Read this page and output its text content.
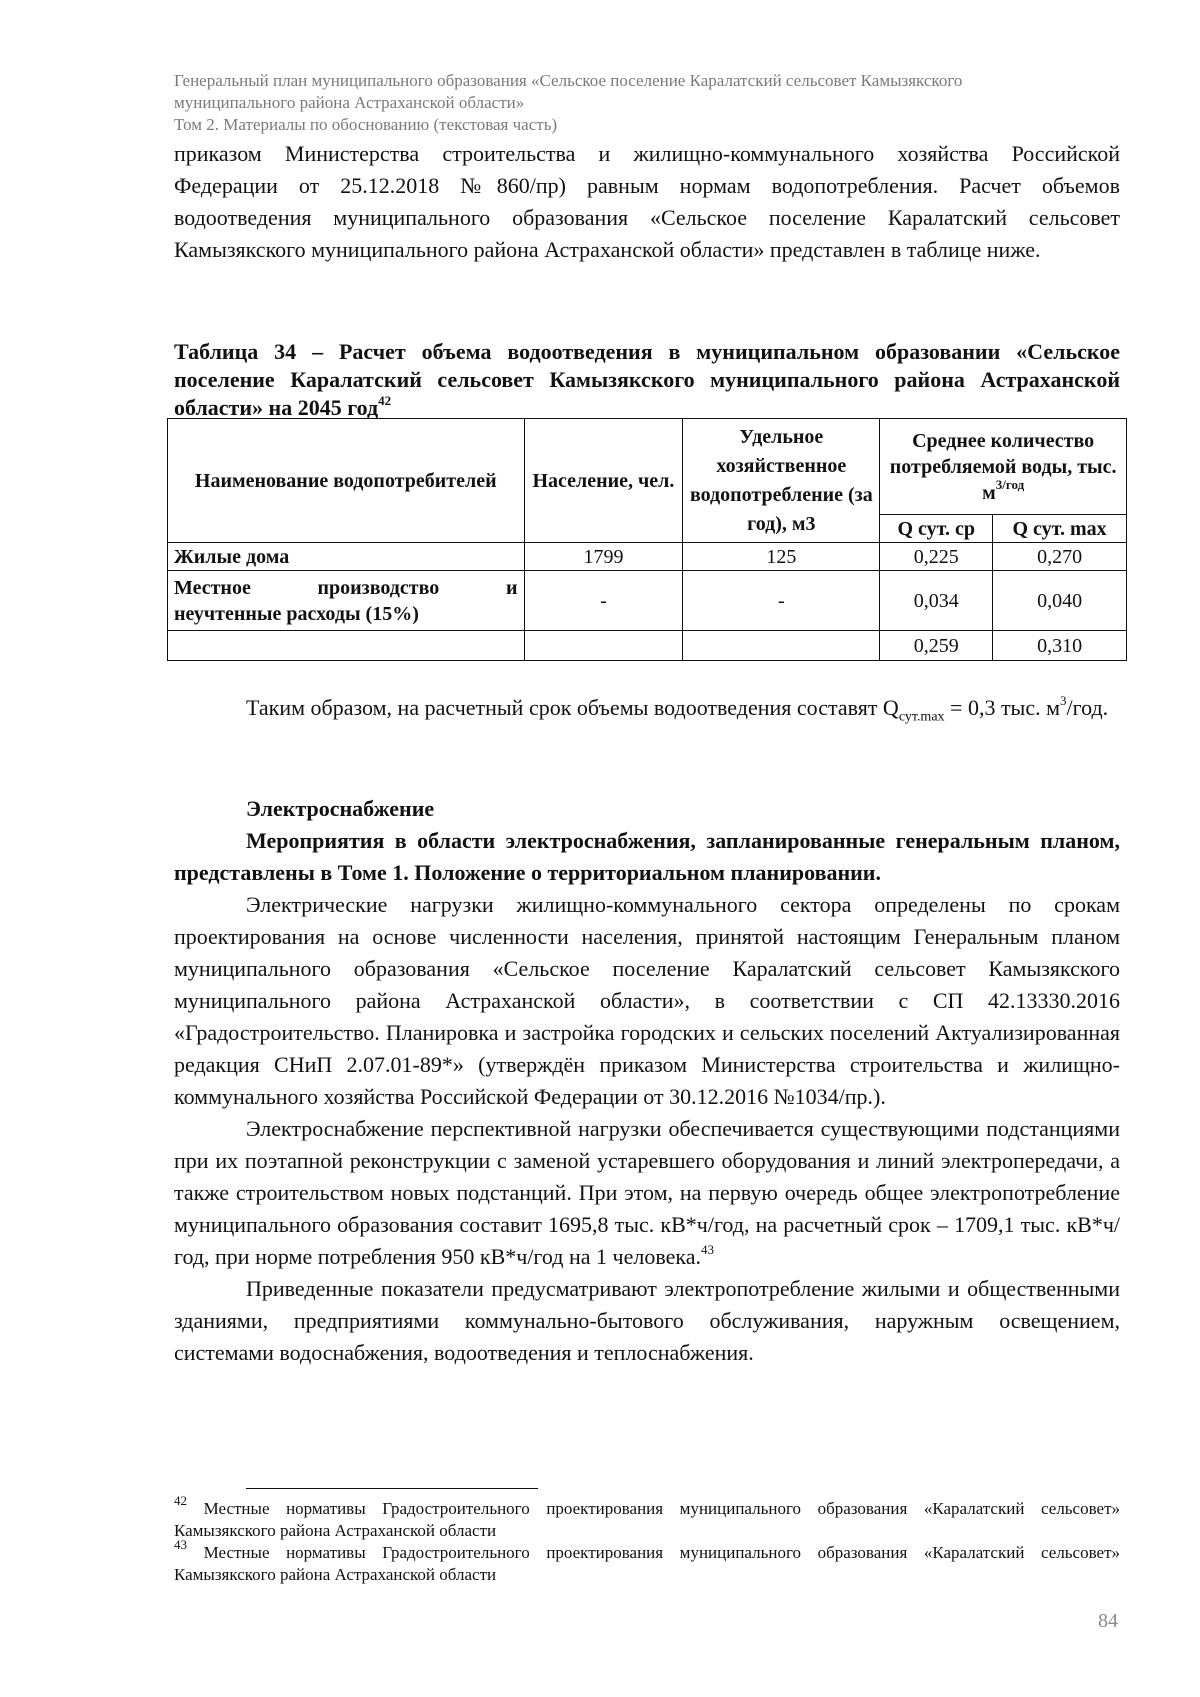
Генеральный план муниципального образования «Сельское поселение Каралатский сельсовет Камызякского
муниципального района Астраханской области»
Том 2. Материалы по обоснованию (текстовая часть)

приказом Министерства строительства и жилищно-коммунального хозяйства Российской Федерации от 25.12.2018 №860/пр) равным нормам водопотребления. Расчет объемов водоотведения муниципального образования «Сельское поселение Каралатский сельсовет Камызякского муниципального района Астраханской области» представлен в таблице ниже.

Таблица 34 – Расчет объема водоотведения в муниципальном образовании «Сельское поселение Каралатский сельсовет Камызякского муниципального района Астраханской области» на 2045 год$^{42}$
Наименование водопотребителей	Население, чел.	Удельное хозяйственное водопотребление (за год), м3	Среднее количество потребляемой воды, тыс. $м^{3/год}$
			Q сут. ср	Q сут. max
Жилые дома	1799	125	0,225	0,270

Местное производство и
неучтенные расходы (15%)	-	-	0,034	0,040
			0,259	0,310

Таким образом, на расчетный срок объемы водоотведения составят $Q_{сут.max} = 0,3$ тыс. $м^3$/год.

Электроснабжение

Мероприятия в области электроснабжения, запланированные генеральным планом, представлены в Томе 1. Положение о территориальном планировании.

Электрические нагрузки жилищно-коммунального сектора определены по срокам проектирования на основе численности населения, принятой настоящим Генеральным планом муниципального образования «Сельское поселение Каралатский сельсовет Камызякского муниципального района Астраханской области», в соответствии с СП 42.13330.2016 «Градостроительство. Планировка и застройка городских и сельских поселений Актуализированная редакция СНиП 2.07.01-89*» (утверждён приказом Министерства строительства и жилищно-коммунального хозяйства Российской Федерации от 30.12.2016 №1034/пр.).

Электроснабжение перспективной нагрузки обеспечивается существующими подстанциями при их поэтапной реконструкции с заменой устаревшего оборудования и линий электропередачи, а также строительством новых подстанций. При этом, на первую очередь общее электропотребление муниципального образования составит 1695,8 тыс. кВ*ч/год, на расчетный срок – 1709,1 тыс. кВ*ч/год, при норме потребления 950 кВ*ч/год на 1 человека.$^{43}$

Приведенные показатели предусматривают электропотребление жилыми и общественными зданиями, предприятиями коммунально-бытового обслуживания, наружным освещением, системами водоснабжения, водоотведения и теплоснабжения.

$^{42}$ Местные нормативы Градостроительного проектирования муниципального образования «Каралатский сельсовет» Камызякского района Астраханской области

$^{43}$ Местные нормативы Градостроительного проектирования муниципального образования «Каралатский сельсовет» Камызякского района Астраханской области

84
